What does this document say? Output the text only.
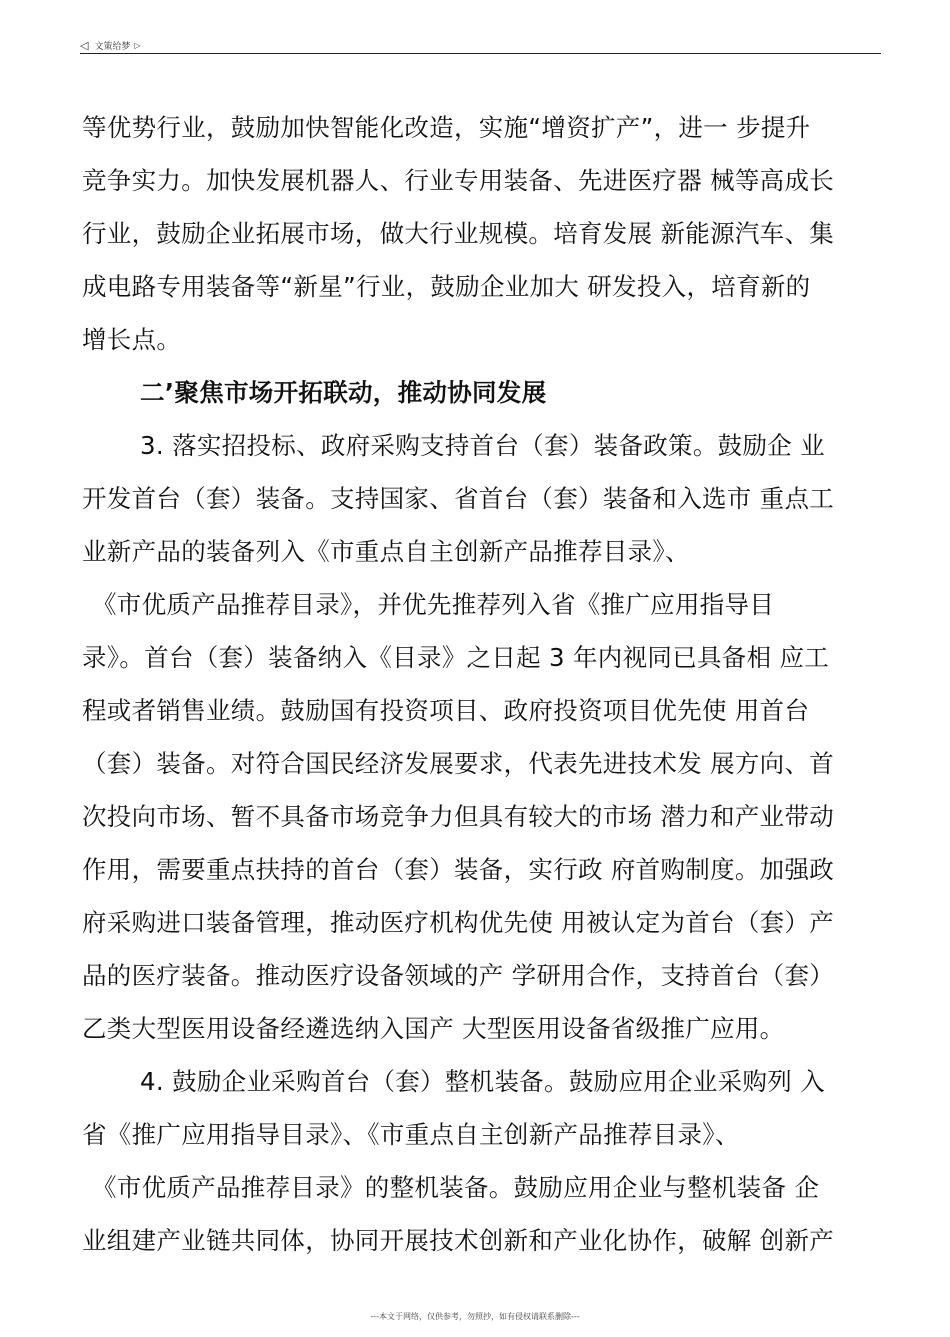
◁ 文策给梦 ▷
等优势行业，鼓励加快智能化改造，实施“增资扩产”，进一 步提升
竞争实力。加快发展机器人、行业专用装备、先进医疗器 械等高成长
行业，鼓励企业拓展市场，做大行业规模。培育发展 新能源汽车、集
成电路专用装备等“新星”行业，鼓励企业加大 研发投入，培育新的
增长点。
二’聚焦市场开拓联动，推动协同发展
3. 落实招投标、政府采购支持首台（套）装备政策。鼓励企 业
开发首台（套）装备。支持国家、省首台（套）装备和入选市 重点工
业新产品的装备列入《市重点自主创新产品推荐目录》、
《市优质产品推荐目录》，并优先推荐列入省《推广应用指导目
录》。首台（套）装备纳入《目录》之日起 3 年内视同已具备相 应工
程或者销售业绩。鼓励国有投资项目、政府投资项目优先使 用首台
（套）装备。对符合国民经济发展要求，代表先进技术发 展方向、首
次投向市场、暂不具备市场竞争力但具有较大的市场 潜力和产业带动
作用，需要重点扶持的首台（套）装备，实行政 府首购制度。加强政
府采购进口装备管理，推动医疗机构优先使 用被认定为首台（套）产
品的医疗装备。推动医疗设备领域的产 学研用合作，支持首台（套）
乙类大型医用设备经遴选纳入国产 大型医用设备省级推广应用。
4. 鼓励企业采购首台（套）整机装备。鼓励应用企业采购列 入
省《推广应用指导目录》、《市重点自主创新产品推荐目录》、
《市优质产品推荐目录》的整机装备。鼓励应用企业与整机装备 企
业组建产业链共同体，协同开展技术创新和产业化协作，破解 创新产
---本文于网络，仅供参考，勿照抄，如有侵权请联系删除---
